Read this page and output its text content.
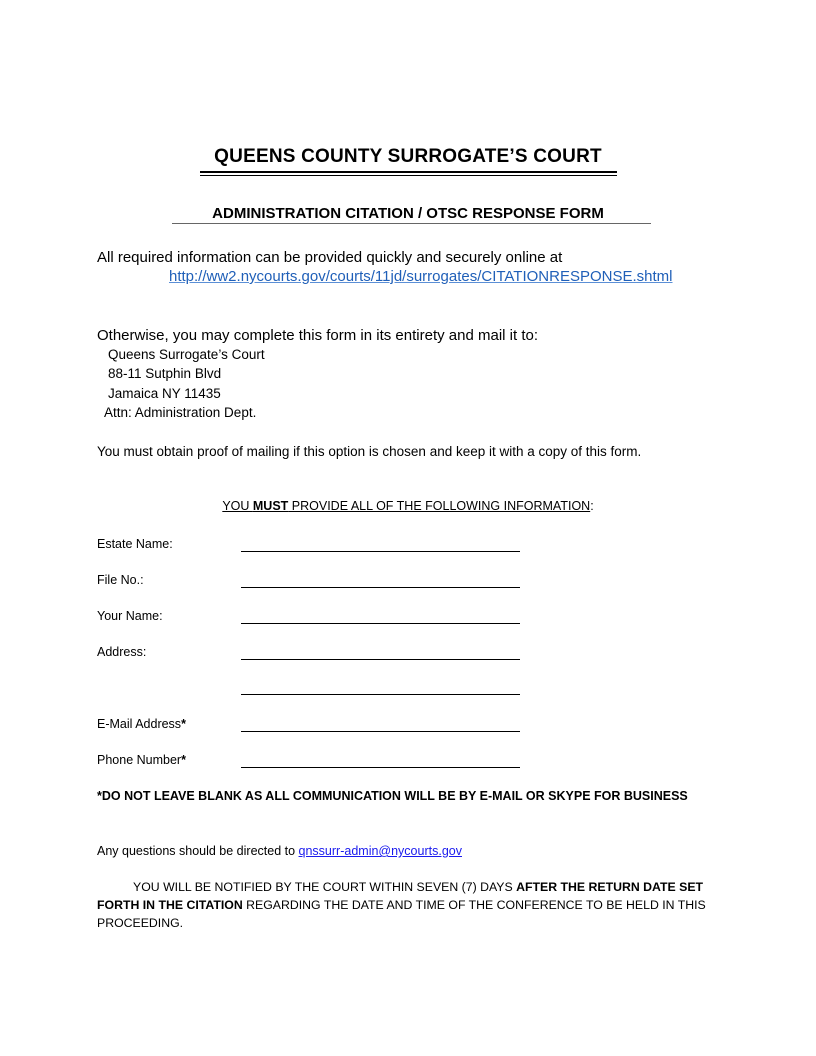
QUEENS COUNTY SURROGATE’S COURT
ADMINISTRATION CITATION / OTSC RESPONSE FORM
All required information can be provided quickly and securely online at
http://ww2.nycourts.gov/courts/11jd/surrogates/CITATIONRESPONSE.shtml
Otherwise, you may complete this form in its entirety and mail it to:
Queens Surrogate’s Court
88-11 Sutphin Blvd
Jamaica NY 11435
Attn: Administration Dept.
You must obtain proof of mailing if this option is chosen and keep it with a copy of this form.
YOU MUST PROVIDE ALL OF THE FOLLOWING INFORMATION:
Estate Name:
File No.:
Your Name:
Address:
E-Mail Address*
Phone Number*
*DO NOT LEAVE BLANK AS ALL COMMUNICATION WILL BE BY E-MAIL OR SKYPE FOR BUSINESS
Any questions should be directed to qnssurr-admin@nycourts.gov
YOU WILL BE NOTIFIED BY THE COURT WITHIN SEVEN (7) DAYS AFTER THE RETURN DATE SET FORTH IN THE CITATION REGARDING THE DATE AND TIME OF THE CONFERENCE TO BE HELD IN THIS PROCEEDING.
